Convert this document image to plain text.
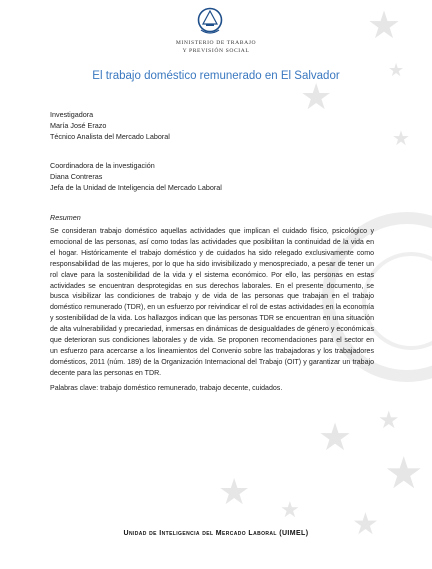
★
★
★
★
★ ★
★
★ ★ ★
MINISTERIO DE TRABAJO
Y PREVISIÓN SOCIAL
El trabajo doméstico remunerado en El Salvador
Investigadora
María José Erazo
Técnico Analista del Mercado Laboral
Coordinadora de la investigación
Diana Contreras
Jefa de la Unidad de Inteligencia del Mercado Laboral
Resumen

Se consideran trabajo doméstico aquellas actividades que implican el cuidado físico, psicológico y emocional de las personas, así como todas las actividades que posibilitan la continuidad de la vida en el hogar. Históricamente el trabajo doméstico y de cuidados ha sido relegado exclusivamente como responsabilidad de las mujeres, por lo que ha sido invisibilizado y menospreciado, a pesar de tener un rol clave para la sostenibilidad de la vida y el sistema económico. Por ello, las personas en estas actividades se encuentran desprotegidas en sus derechos laborales. En el presente documento, se busca visibilizar las condiciones de trabajo y de vida de las personas que trabajan en el trabajo doméstico remunerado (TDR), en un esfuerzo por reivindicar el rol de estas actividades en la economía y sostenibilidad de la vida. Los hallazgos indican que las personas TDR se encuentran en una situación de alta vulnerabilidad y precariedad, inmersas en dinámicas de desigualdades de género y económicas que deterioran sus condiciones laborales y de vida. Se proponen recomendaciones para el sector en un esfuerzo para acercarse a los lineamientos del Convenio sobre las trabajadoras y los trabajadores domésticos, 2011 (núm. 189) de la Organización Internacional del Trabajo (OIT) y garantizar un trabajo decente para las personas en TDR.

Palabras clave: trabajo doméstico remunerado, trabajo decente, cuidados.
Unidad de Inteligencia del Mercado Laboral (UIMEL)
